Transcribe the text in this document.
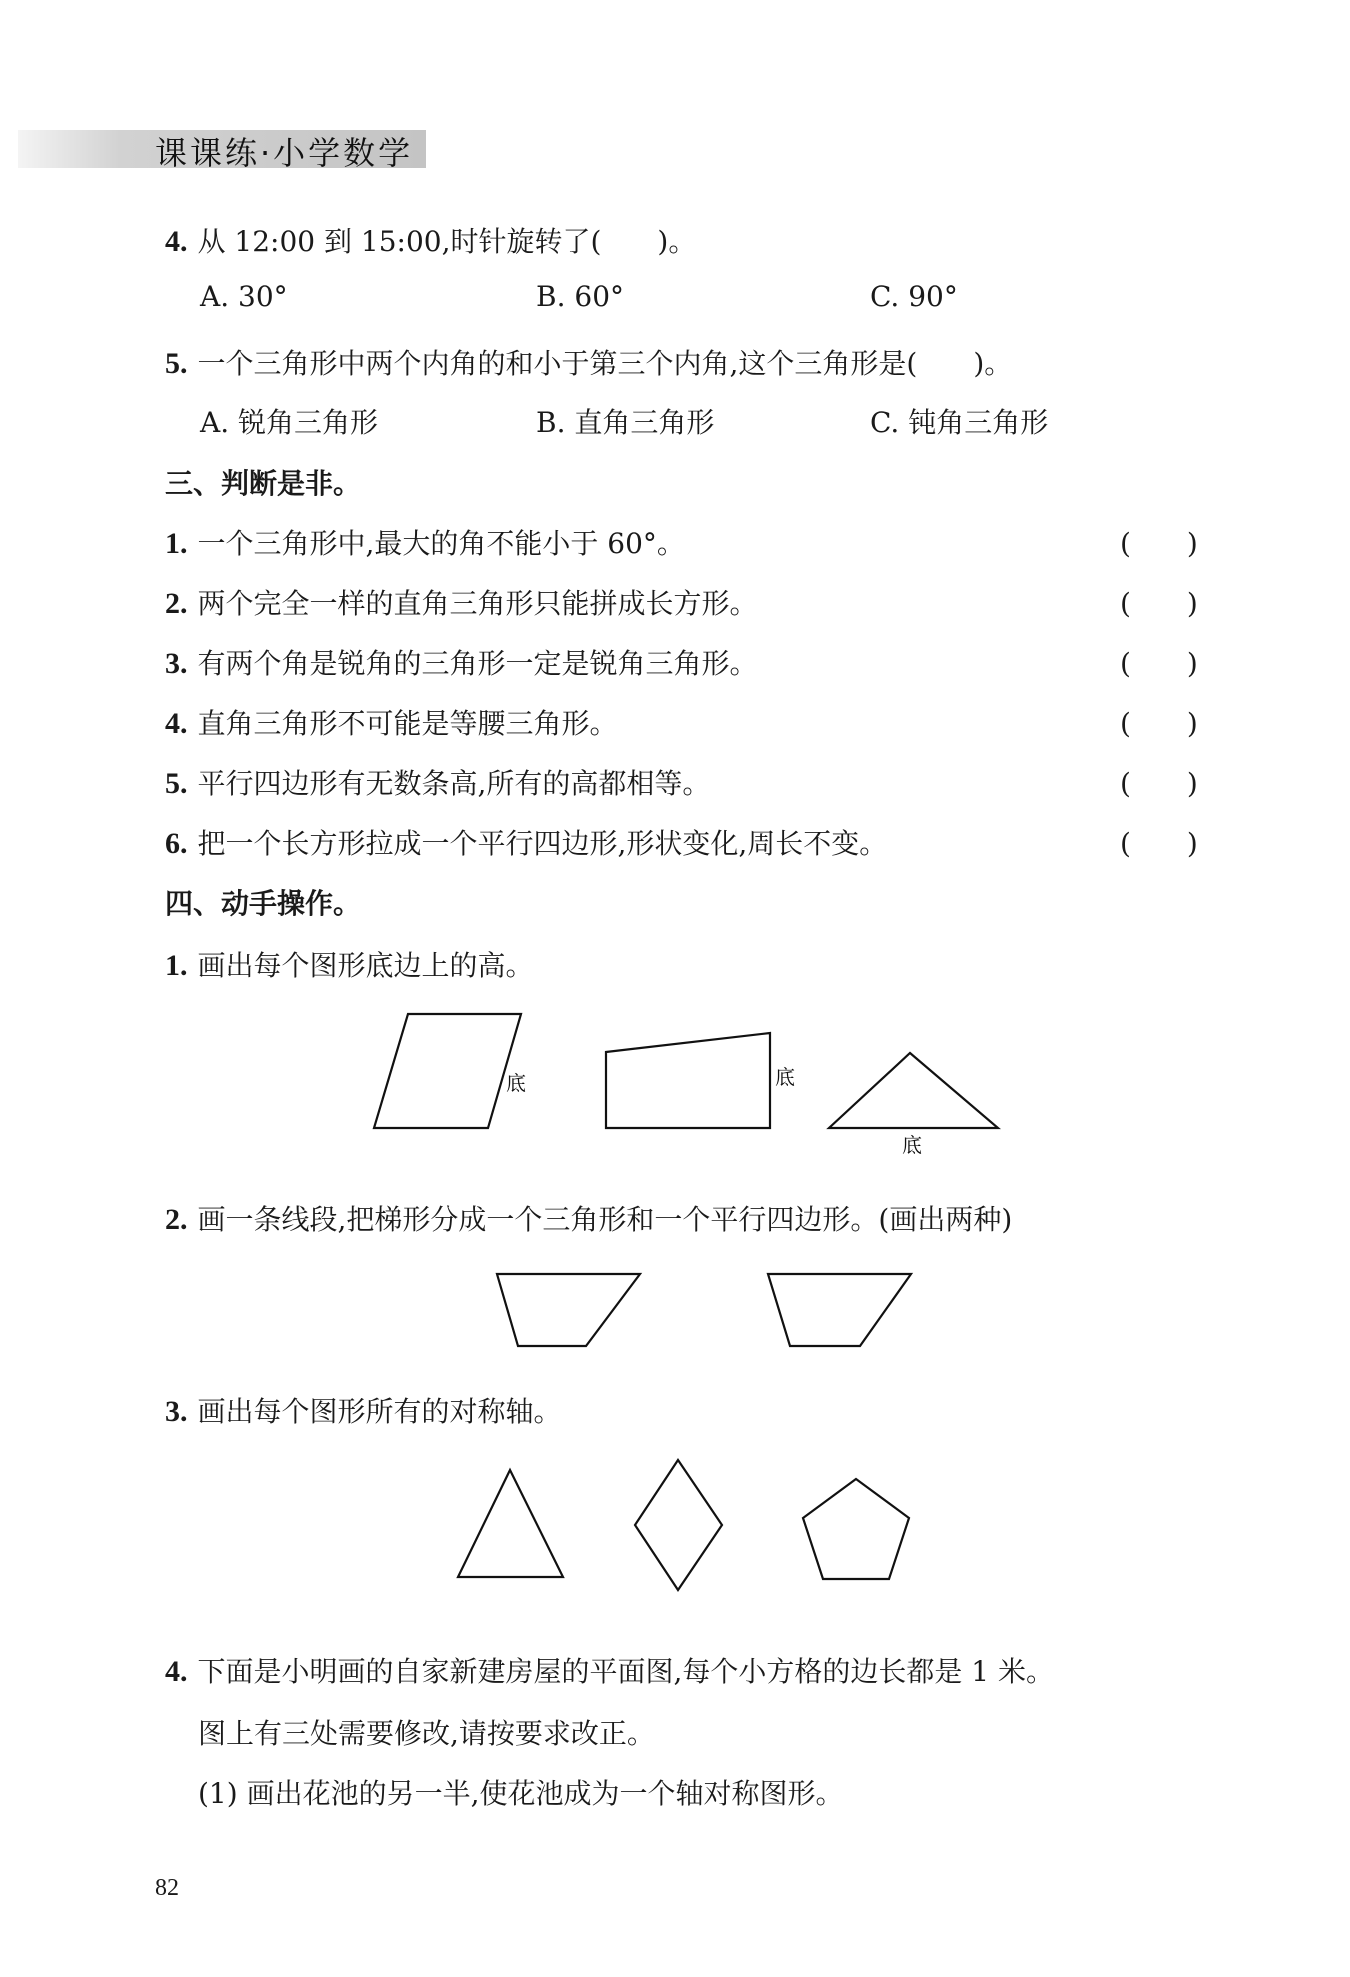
课课练·小学数学
4. 从 12:00 到 15:00,时针旋转了(　　)。
A. 30°	B. 60°	C. 90°
5. 一个三角形中两个内角的和小于第三个内角,这个三角形是(　　)。
A. 锐角三角形	B. 直角三角形	C. 钝角三角形
三、判断是非。
1. 一个三角形中,最大的角不能小于 60°。	(　　)
2. 两个完全一样的直角三角形只能拼成长方形。	(　　)
3. 有两个角是锐角的三角形一定是锐角三角形。	(　　)
4. 直角三角形不可能是等腰三角形。	(　　)
5. 平行四边形有无数条高,所有的高都相等。	(　　)
6. 把一个长方形拉成一个平行四边形,形状变化,周长不变。	(　　)
四、动手操作。
1. 画出每个图形底边上的高。
2. 画一条线段,把梯形分成一个三角形和一个平行四边形。(画出两种)
3. 画出每个图形所有的对称轴。
4. 下面是小明画的自家新建房屋的平面图,每个小方格的边长都是 1 米。
图上有三处需要修改,请按要求改正。
(1) 画出花池的另一半,使花池成为一个轴对称图形。
82
底	底
底
